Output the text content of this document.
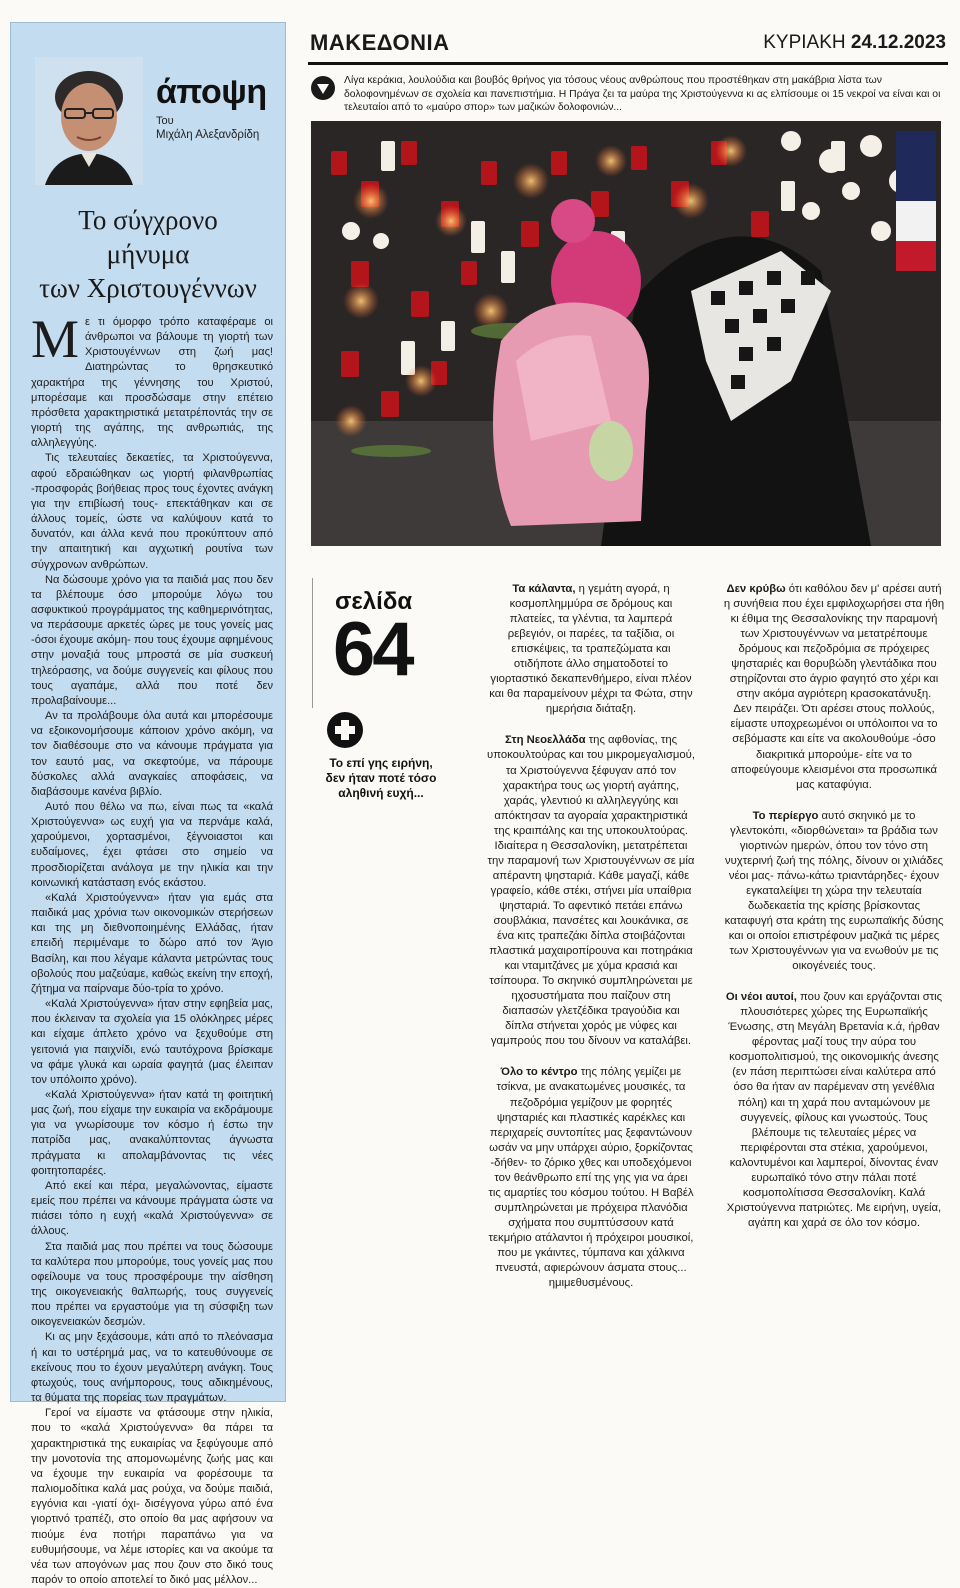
άποψη
Του
Μιχάλη Αλεξανδρίδη
Το σύγχρονο
μήνυμα
των Χριστουγέννων

Με τι όμορφο τρόπο καταφέραμε οι άνθρωποι να βάλουμε τη γιορτή των Χριστουγέννων στη ζωή μας! Διατηρώντας το θρησκευτικό χαρακτήρα της γέννησης του Χριστού, μπορέσαμε και προσδώσαμε στην επέτειο πρόσθετα χαρακτηριστικά μετατρέποντάς την σε γιορτή της αγάπης, της ανθρωπιάς, της αλληλεγγύης.

Τις τελευταίες δεκαετίες, τα Χριστούγεννα, αφού εδραιώθηκαν ως γιορτή φιλανθρωπίας -προσφοράς βοήθειας προς τους έχοντες ανάγκη για την επιβίωσή τους- επεκτάθηκαν και σε άλλους τομείς, ώστε να καλύψουν κατά το δυνατόν, και άλλα κενά που προκύπτουν από την απαιτητική και αγχωτική ρουτίνα των σύγχρονων ανθρώπων.

Να δώσουμε χρόνο για τα παιδιά μας που δεν τα βλέπουμε όσο μπορούμε λόγω του ασφυκτικού προγράμματος της καθημερινότητας, να περάσουμε αρκετές ώρες με τους γονείς μας -όσοι έχουμε ακόμη- που τους έχουμε αφημένους στην μοναξιά τους μπροστά σε μία συσκευή τηλεόρασης, να δούμε συγγενείς και φίλους που τους αγαπάμε, αλλά που ποτέ δεν προλαβαίνουμε...

Αν τα προλάβουμε όλα αυτά και μπορέσουμε να εξοικονομήσουμε κάποιον χρόνο ακόμη, να τον διαθέσουμε στο να κάνουμε πράγματα για τον εαυτό μας, να σκεφτούμε, να πάρουμε δύσκολες αλλά αναγκαίες αποφάσεις, να διαβάσουμε κανένα βιβλίο.

Αυτό που θέλω να πω, είναι πως τα «καλά Χριστούγεννα» ως ευχή για να περνάμε καλά, χαρούμενοι, χορτασμένοι, ξέγνοιαστοι και ευδαίμονες, έχει φτάσει στο σημείο να προσδιορίζεται ανάλογα με την ηλικία και την κοινωνική κατάσταση ενός εκάστου.

«Καλά Χριστούγεννα» ήταν για εμάς στα παιδικά μας χρόνια των οικονομικών στερήσεων και της μη διεθνοποιημένης Ελλάδας, ήταν επειδή περιμέναμε το δώρο από τον Άγιο Βασίλη, και που λέγαμε κάλαντα μετρώντας τους οβολούς που μαζεύαμε, καθώς εκείνη την εποχή, ζήτημα να παίρναμε δύο-τρία το χρόνο.

«Καλά Χριστούγεννα» ήταν στην εφηβεία μας, που έκλειναν τα σχολεία για 15 ολόκληρες μέρες και είχαμε άπλετο χρόνο να ξεχυθούμε στη γειτονιά για παιχνίδι, ενώ ταυτόχρονα βρίσκαμε να φάμε γλυκά και ωραία φαγητά (μας έλειπαν τον υπόλοιπο χρόνο).

«Καλά Χριστούγεννα» ήταν κατά τη φοιτητική μας ζωή, που είχαμε την ευκαιρία να εκδράμουμε για να γνωρίσουμε τον κόσμο ή έστω την πατρίδα μας, ανακαλύπτοντας άγνωστα πράγματα κι απολαμβάνοντας τις νέες φοιτητοπαρέες.

Από εκεί και πέρα, μεγαλώνοντας, είμαστε εμείς που πρέπει να κάνουμε πράγματα ώστε να πιάσει τόπο η ευχή «καλά Χριστούγεννα» σε άλλους.

Στα παιδιά μας που πρέπει να τους δώσουμε τα καλύτερα που μπορούμε, τους γονείς μας που οφείλουμε να τους προσφέρουμε την αίσθηση της οικογενειακής θαλπωρής, τους συγγενείς που πρέπει να εργαστούμε για τη σύσφιξη των οικογενειακών δεσμών.

Κι ας μην ξεχάσουμε, κάτι από το πλεόνασμα ή και το υστέρημά μας, να το κατευθύνουμε σε εκείνους που το έχουν μεγαλύτερη ανάγκη. Τους φτωχούς, τους ανήμπορους, τους αδικημένους, τα θύματα της πορείας των πραγμάτων.

Γεροί να είμαστε να φτάσουμε στην ηλικία, που το «καλά Χριστούγεννα» θα πάρει τα χαρακτηριστικά της ευκαιρίας να ξεφύγουμε από την μονοτονία της απομονωμένης ζωής μας και να έχουμε την ευκαιρία να φορέσουμε τα παλιομοδίτικα καλά μας ρούχα, να δούμε παιδιά, εγγόνια και -γιατί όχι- δισέγγονα γύρω από ένα γιορτινό τραπέζι, στο οποίο θα μας αφήσουν να πιούμε ένα ποτήρι παραπάνω για να ευθυμήσουμε, να λέμε ιστορίες και να ακούμε τα νέα των απογόνων μας που ζουν στο δικό τους παρόν το οποίο αποτελεί το δικό μας μέλλον...

ΜΑΚΕΔΟΝΙΑ	ΚΥΡΙΑΚΗ 24.12.2023
Λίγα κεράκια, λουλούδια και βουβός θρήνος για τόσους νέους ανθρώπους που προστέθηκαν στη μακάβρια λίστα των δολοφονημένων σε σχολεία και πανεπιστήμια. Η Πράγα ζει τα μαύρα της Χριστούγεννα κι ας ελπίσουμε οι 15 νεκροί να είναι και οι τελευταίοι από το «μαύρο σπορ» των μαζικών δολοφονιών...
σελίδα
64
Το επί γης ειρήνη, δεν ήταν ποτέ τόσο αληθινή ευχή...

Τα κάλαντα, η γεμάτη αγορά, η κοσμοπλημμύρα σε δρόμους και πλατείες, τα γλέντια, τα λαμπερά ρεβεγιόν, οι παρέες, τα ταξίδια, οι επισκέψεις, τα τραπεζώματα και οτιδήποτε άλλο σηματοδοτεί το γιορταστικό δεκαπενθήμερο, είναι πλέον και θα παραμείνουν μέχρι τα Φώτα, στην ημερήσια διάταξη.

Στη Νεοελλάδα της αφθονίας, της υποκουλτούρας και του μικρομεγαλισμού, τα Χριστούγεννα ξέφυγαν από τον χαρακτήρα τους ως γιορτή αγάπης, χαράς, γλεντιού κι αλληλεγγύης και απόκτησαν τα αγοραία χαρακτηριστικά της κραιπάλης και της υποκουλτούρας. Ιδιαίτερα η Θεσσαλονίκη, μετατρέπεται την παραμονή των Χριστουγέννων σε μία απέραντη ψησταριά. Κάθε μαγαζί, κάθε γραφείο, κάθε στέκι, στήνει μία υπαίθρια ψησταριά. Το αφεντικό πετάει επάνω σουβλάκια, πανσέτες και λουκάνικα, σε ένα κιτς τραπεζάκι δίπλα στοιβάζονται πλαστικά μαχαιροπίρουνα και ποτηράκια και νταμιτζάνες με χύμα κρασιά και τσίπουρα. Το σκηνικό συμπληρώνεται με ηχοσυστήματα που παίζουν στη διαπασών γλετζέδικα τραγούδια και δίπλα στήνεται χορός με νύφες και γαμπρούς που του δίνουν να καταλάβει.

Όλο το κέντρο της πόλης γεμίζει με τσίκνα, με ανακατωμένες μουσικές, τα πεζοδρόμια γεμίζουν με φορητές ψησταριές και πλαστικές καρέκλες και περιχαρείς συντοπίτες μας ξεφαντώνουν ωσάν να μην υπάρχει αύριο, ξορκίζοντας -δήθεν- το ζόρικο χθες και υποδεχόμενοι τον θεάνθρωπο επί της γης για να άρει τις αμαρτίες του κόσμου τούτου. Η Βαβέλ συμπληρώνεται με πρόχειρα πλανόδια σχήματα που συμπτύσσουν κατά τεκμήριο ατάλαντοι ή πρόχειροι μουσικοί, που με γκάιντες, τύμπανα και χάλκινα πνευστά, αφιερώνουν άσματα στους... ημιμεθυσμένους.

Δεν κρύβω ότι καθόλου δεν μ' αρέσει αυτή η συνήθεια που έχει εμφιλοχωρήσει στα ήθη κι έθιμα της Θεσσαλονίκης την παραμονή των Χριστουγέννων να μετατρέπουμε δρόμους και πεζοδρόμια σε πρόχειρες ψησταριές και θορυβώδη γλεντάδικα που στηρίζονται στο άγριο φαγητό στο χέρι και στην ακόμα αγριότερη κρασοκατάνυξη.

Δεν πειράζει. Ότι αρέσει στους πολλούς, είμαστε υποχρεωμένοι οι υπόλοιποι να το σεβόμαστε και είτε να ακολουθούμε -όσο διακριτικά μπορούμε- είτε να το αποφεύγουμε κλεισμένοι στα προσωπικά μας καταφύγια.

Το περίεργο αυτό σκηνικό με το γλεντοκόπι, «διορθώνεται» τα βράδια των γιορτινών ημερών, όπου τον τόνο στη νυχτερινή ζωή της πόλης, δίνουν οι χιλιάδες νέοι μας- πάνω-κάτω τριαντάρηδες- έχουν εγκαταλείψει τη χώρα την τελευταία δωδεκαετία της κρίσης βρίσκοντας καταφυγή στα κράτη της ευρωπαϊκής δύσης και οι οποίοι επιστρέφουν μαζικά τις μέρες των Χριστουγέννων για να ενωθούν με τις οικογένειές τους.

Οι νέοι αυτοί, που ζουν και εργάζονται στις πλουσιότερες χώρες της Ευρωπαϊκής Ένωσης, στη Μεγάλη Βρετανία κ.ά, ήρθαν φέροντας μαζί τους την αύρα του κοσμοπολιτισμού, της οικονομικής άνεσης (εν πάση περιπτώσει είναι καλύτερα από όσο θα ήταν αν παρέμεναν στη γενέθλια πόλη) και τη χαρά που ανταμώνουν με συγγενείς, φίλους και γνωστούς. Τους βλέπουμε τις τελευταίες μέρες να περιφέρονται στα στέκια, χαρούμενοι, καλοντυμένοι και λαμπεροί, δίνοντας έναν ευρωπαϊκό τόνο στην πάλαι ποτέ κοσμοπολίτισσα Θεσσαλονίκη. Καλά Χριστούγεννα πατριώτες. Με ειρήνη, υγεία, αγάπη και χαρά σε όλο τον κόσμο.
